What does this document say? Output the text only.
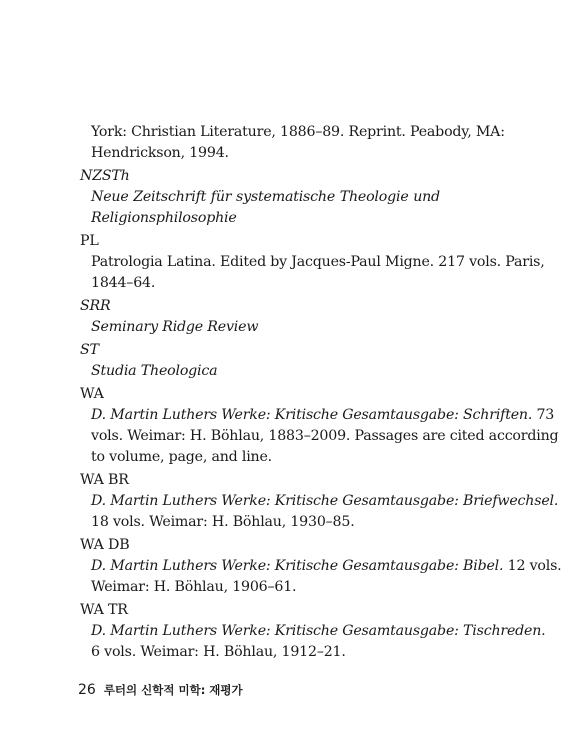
York: Christian Literature, 1886–89. Reprint. Peabody, MA:
Hendrickson, 1994.
NZSTh
Neue Zeitschrift für systematische Theologie und
Religionsphilosophie
PL
Patrologia Latina. Edited by Jacques-Paul Migne. 217 vols. Paris,
1844–64.
SRR
Seminary Ridge Review
ST
Studia Theologica
WA
D. Martin Luthers Werke: Kritische Gesamtausgabe: Schriften. 73
vols. Weimar: H. Böhlau, 1883–2009. Passages are cited according
to volume, page, and line.
WA BR
D. Martin Luthers Werke: Kritische Gesamtausgabe: Briefwechsel.
18 vols. Weimar: H. Böhlau, 1930–85.
WA DB
D. Martin Luthers Werke: Kritische Gesamtausgabe: Bibel. 12 vols.
Weimar: H. Böhlau, 1906–61.
WA TR
D. Martin Luthers Werke: Kritische Gesamtausgabe: Tischreden.
6 vols. Weimar: H. Böhlau, 1912–21.
26 루터의 신학적 미학: 재평가
